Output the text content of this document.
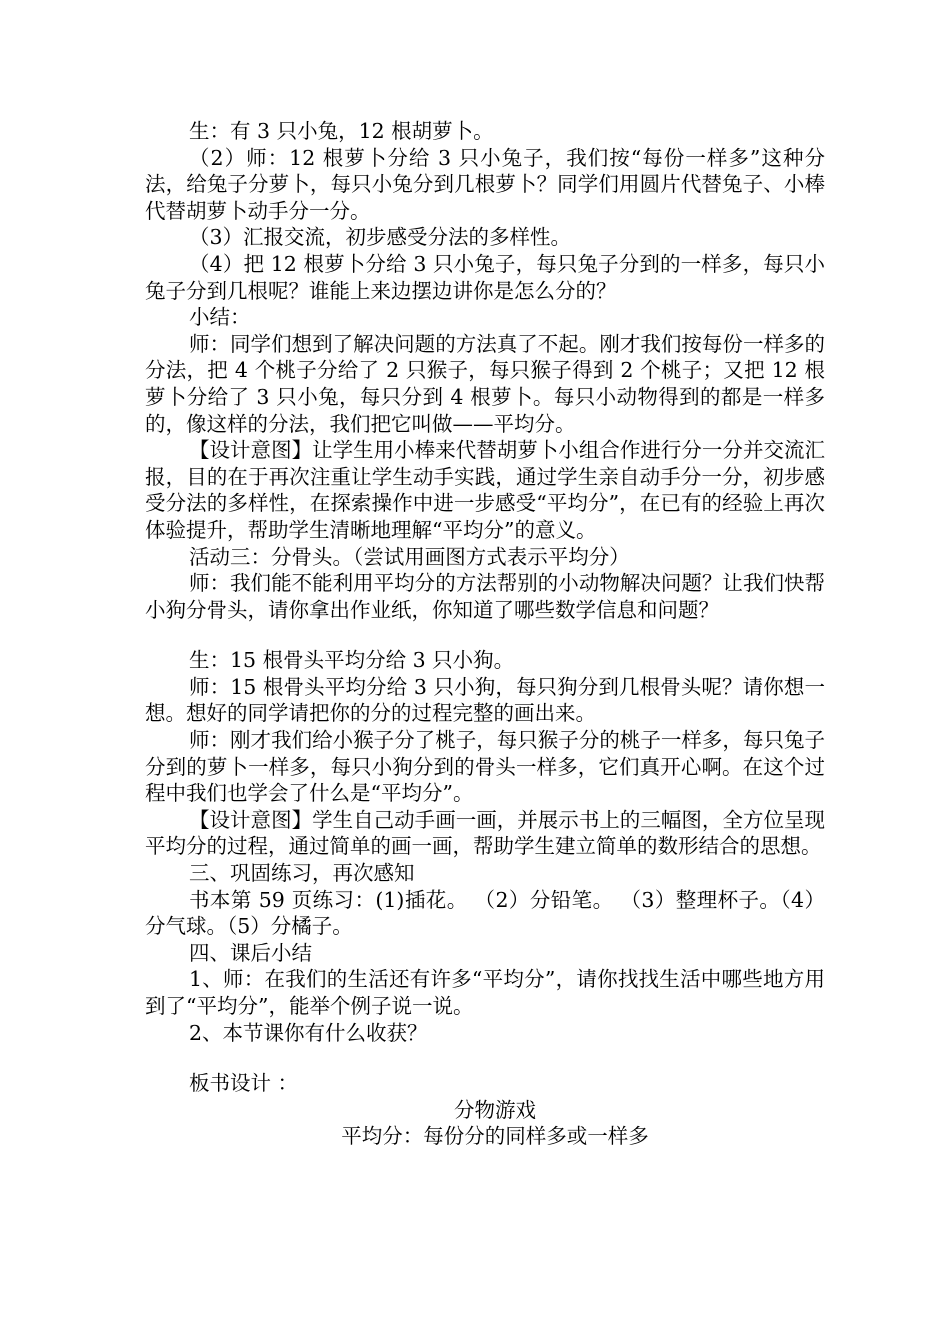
生：有 3 只小兔，12 根胡萝卜。

（2）师：12 根萝卜分给 3 只小兔子，我们按“每份一样多”这种分法，给兔子分萝卜，每只小兔分到几根萝卜？同学们用圆片代替兔子、小棒代替胡萝卜动手分一分。

（3）汇报交流，初步感受分法的多样性。

（4）把 12 根萝卜分给 3 只小兔子，每只兔子分到的一样多，每只小兔子分到几根呢？谁能上来边摆边讲你是怎么分的？

小结：

师：同学们想到了解决问题的方法真了不起。刚才我们按每份一样多的分法，把 4 个桃子分给了 2 只猴子，每只猴子得到 2 个桃子；又把 12 根萝卜分给了 3 只小兔，每只分到 4 根萝卜。每只小动物得到的都是一样多的，像这样的分法，我们把它叫做——平均分。

【设计意图】让学生用小棒来代替胡萝卜小组合作进行分一分并交流汇报，目的在于再次注重让学生动手实践，通过学生亲自动手分一分，初步感受分法的多样性，在探索操作中进一步感受“平均分”，在已有的经验上再次体验提升，帮助学生清晰地理解“平均分”的意义。

活动三：分骨头。（尝试用画图方式表示平均分）

师：我们能不能利用平均分的方法帮别的小动物解决问题？让我们快帮小狗分骨头，请你拿出作业纸，你知道了哪些数学信息和问题？

生：15 根骨头平均分给 3 只小狗。

师：15 根骨头平均分给 3 只小狗，每只狗分到几根骨头呢？请你想一想。想好的同学请把你的分的过程完整的画出来。

师：刚才我们给小猴子分了桃子，每只猴子分的桃子一样多，每只兔子分到的萝卜一样多，每只小狗分到的骨头一样多，它们真开心啊。在这个过程中我们也学会了什么是“平均分”。

【设计意图】学生自己动手画一画，并展示书上的三幅图，全方位呈现平均分的过程，通过简单的画一画，帮助学生建立简单的数形结合的思想。

三、巩固练习，再次感知

书本第 59 页练习：(1)插花。 （2）分铅笔。 （3）整理杯子。（4）分气球。（5）分橘子。

四、课后小结

1、师：在我们的生活还有许多“平均分”，请你找找生活中哪些地方用到了“平均分”，能举个例子说一说。

2、本节课你有什么收获？

板书设计 ：

分物游戏

平均分：每份分的同样多或一样多
